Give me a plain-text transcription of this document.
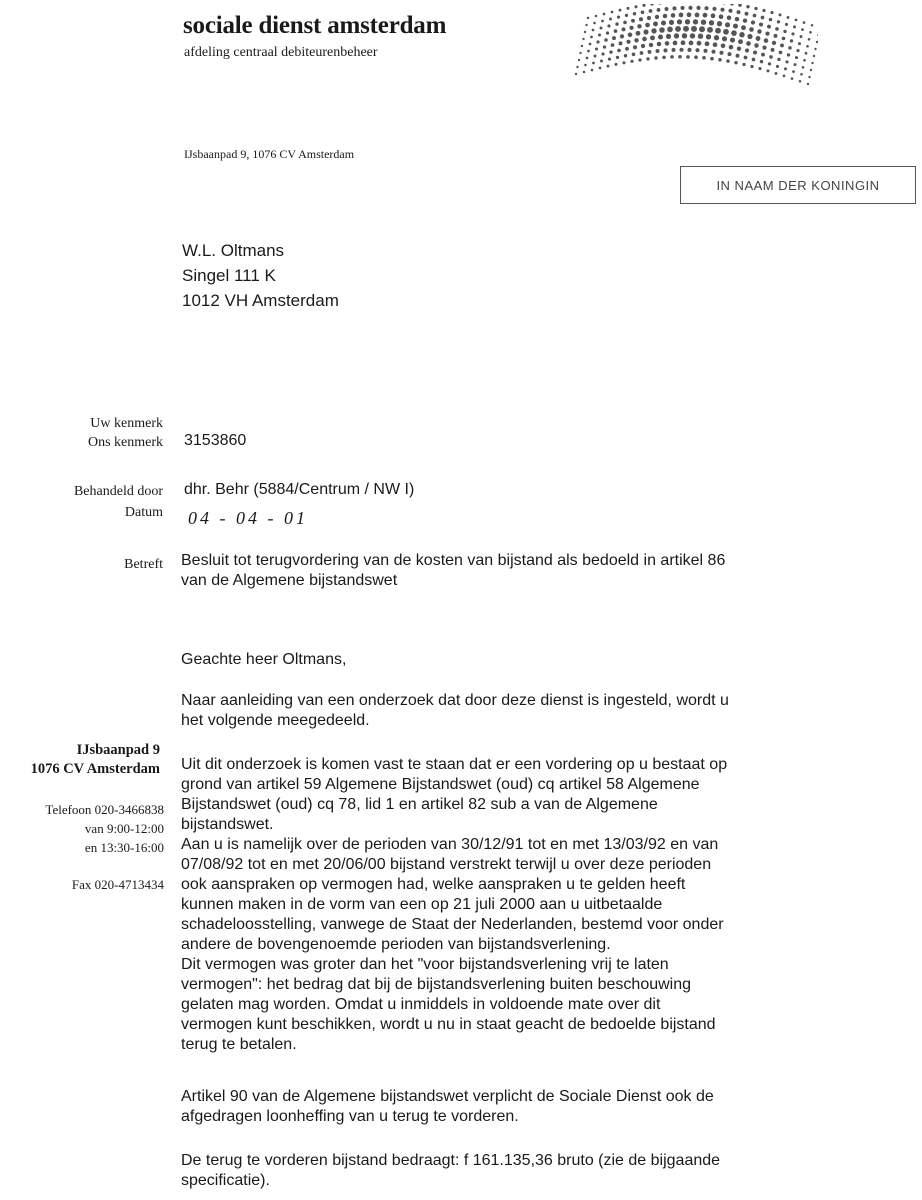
sociale dienst amsterdam
afdeling centraal debiteurenbeheer
IJsbaanpad 9, 1076 CV Amsterdam
IN NAAM DER KONINGIN
W.L. Oltmans
Singel 111 K
1012 VH Amsterdam
Uw kenmerk
Ons kenmerk 3153860
Behandeld door dhr. Behr (5884/Centrum / NW I)
Datum 04 - 04 - 01
Betreft Besluit tot terugvordering van de kosten van bijstand als bedoeld in artikel 86
van de Algemene bijstandswet
Geachte heer Oltmans,
Naar aanleiding van een onderzoek dat door deze dienst is ingesteld, wordt u
het volgende meegedeeld.
Uit dit onderzoek is komen vast te staan dat er een vordering op u bestaat op
grond van artikel 59 Algemene Bijstandswet (oud) cq artikel 58 Algemene
Bijstandswet (oud) cq 78, lid 1 en artikel 82 sub a van de Algemene
bijstandswet.
Aan u is namelijk over de perioden van 30/12/91 tot en met 13/03/92 en van
07/08/92 tot en met 20/06/00 bijstand verstrekt terwijl u over deze perioden
ook aanspraken op vermogen had, welke aanspraken u te gelden heeft
kunnen maken in de vorm van een op 21 juli 2000 aan u uitbetaalde
schadeloosstelling, vanwege de Staat der Nederlanden, bestemd voor onder
andere de bovengenoemde perioden van bijstandsverlening.
Dit vermogen was groter dan het "voor bijstandsverlening vrij te laten
vermogen": het bedrag dat bij de bijstandsverlening buiten beschouwing
gelaten mag worden. Omdat u inmiddels in voldoende mate over dit
vermogen kunt beschikken, wordt u nu in staat geacht de bedoelde bijstand
terug te betalen.
Artikel 90 van de Algemene bijstandswet verplicht de Sociale Dienst ook de
afgedragen loonheffing van u terug te vorderen.
De terug te vorderen bijstand bedraagt: f 161.135,36 bruto (zie de bijgaande
specificatie).
IJsbaanpad 9
1076 CV Amsterdam
Telefoon 020-3466838
van 9:00-12:00
en 13:30-16:00
Fax 020-4713434
